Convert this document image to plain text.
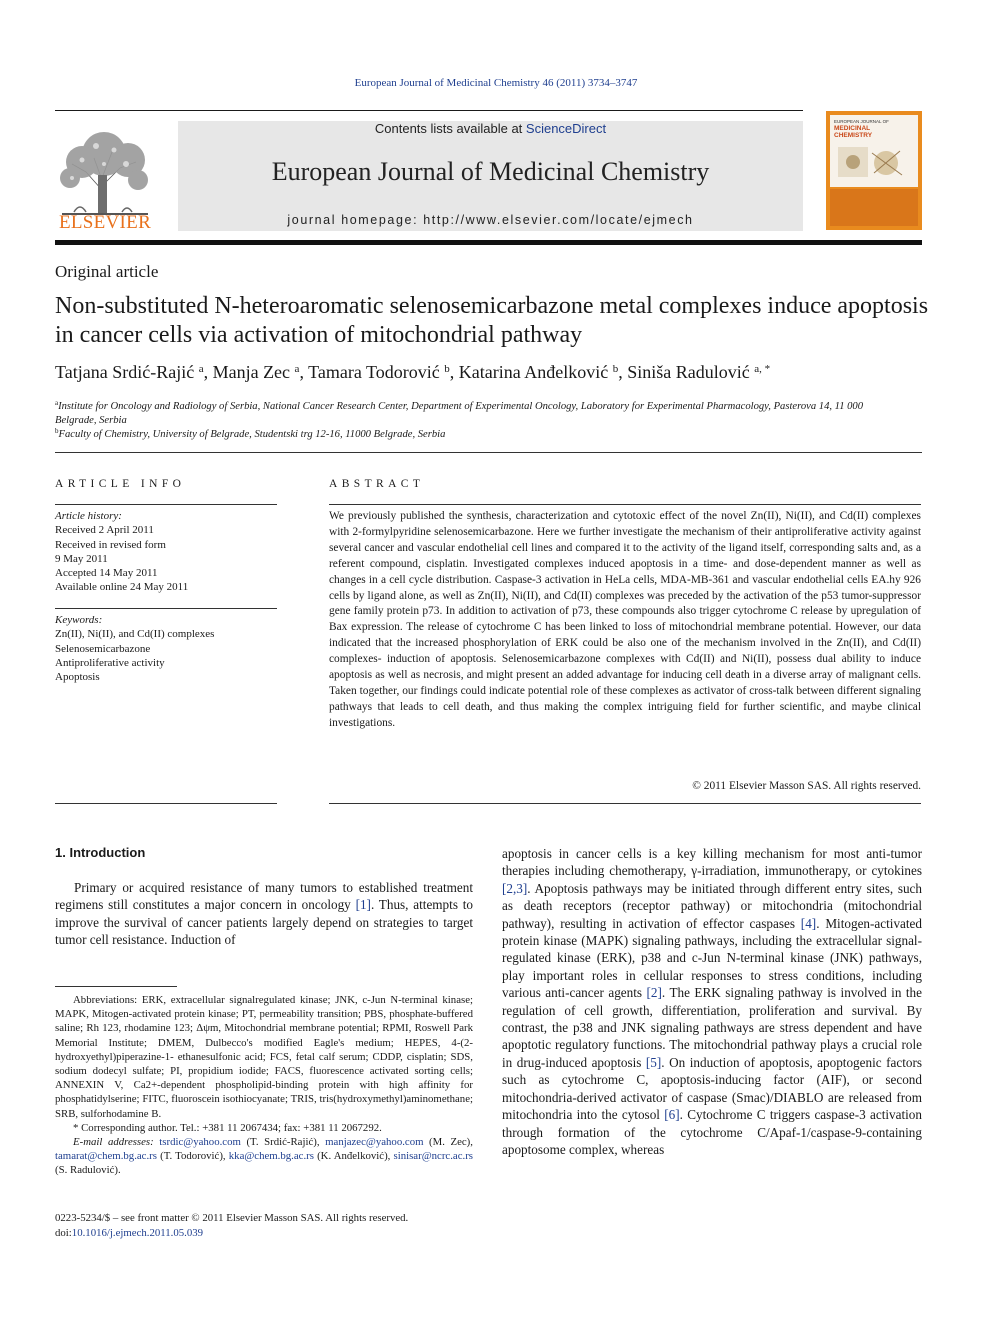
European Journal of Medicinal Chemistry 46 (2011) 3734–3747
ELSEVIER
Contents lists available at ScienceDirect
European Journal of Medicinal Chemistry
journal homepage: http://www.elsevier.com/locate/ejmech
EUROPEAN JOURNAL OF
MEDICINAL
CHEMISTRY
Original article
Non-substituted N-heteroaromatic selenosemicarbazone metal complexes induce apoptosis in cancer cells via activation of mitochondrial pathway
Tatjana Srdić-Rajić $^a$, Manja Zec $^a$, Tamara Todorović $^b$, Katarina Anđelković $^b$, Siniša Radulović $^{a, *}$
$^a$Institute for Oncology and Radiology of Serbia, National Cancer Research Center, Department of Experimental Oncology, Laboratory for Experimental Pharmacology, Pasterova 14, 11 000 Belgrade, Serbia
$^b$Faculty of Chemistry, University of Belgrade, Studentski trg 12-16, 11000 Belgrade, Serbia
ARTICLE INFO
Article history:
Received 2 April 2011
Received in revised form
9 May 2011
Accepted 14 May 2011
Available online 24 May 2011
Keywords:
Zn(II), Ni(II), and Cd(II) complexes
Selenosemicarbazone
Antiproliferative activity
Apoptosis
ABSTRACT
We previously published the synthesis, characterization and cytotoxic effect of the novel Zn(II), Ni(II), and Cd(II) complexes with 2-formylpyridine selenosemicarbazone. Here we further investigate the mechanism of their antiproliferative activity against several cancer and vascular endothelial cell lines and compared it to the activity of the ligand itself, corresponding salts and, as a referent compound, cisplatin. Investigated complexes induced apoptosis in a time- and dose-dependent manner as well as changes in a cell cycle distribution. Caspase-3 activation in HeLa cells, MDA-MB-361 and vascular endothelial cells EA.hy 926 cells by ligand alone, as well as Zn(II), Ni(II), and Cd(II) complexes was preceded by the activation of the p53 tumor-suppressor gene family protein p73. In addition to activation of p73, these compounds also trigger cytochrome C release by upregulation of Bax expression. The release of cytochrome C has been linked to loss of mitochondrial membrane potential. However, our data indicated that the increased phosphorylation of ERK could be also one of the mechanism involved in the Zn(II), and Cd(II) complexes- induction of apoptosis. Selenosemicarbazone complexes with Cd(II) and Ni(II), possess dual ability to induce apoptosis as well as necrosis, and might present an added advantage for inducing cell death in a diverse array of malignant cells. Taken together, our findings could indicate potential role of these complexes as activator of cross-talk between different signaling pathways that leads to cell death, and thus making the complex intriguing field for further scientific, and maybe clinical investigations.
© 2011 Elsevier Masson SAS. All rights reserved.
1. Introduction
Primary or acquired resistance of many tumors to established treatment regimens still constitutes a major concern in oncology [1]. Thus, attempts to improve the survival of cancer patients largely depend on strategies to target tumor cell resistance. Induction of
apoptosis in cancer cells is a key killing mechanism for most anti-tumor therapies including chemotherapy, γ-irradiation, immunotherapy, or cytokines [2,3]. Apoptosis pathways may be initiated through different entry sites, such as death receptors (receptor pathway) or mitochondria (mitochondrial pathway), resulting in activation of effector caspases [4]. Mitogen-activated protein kinase (MAPK) signaling pathways, including the extracellular signal-regulated kinase (ERK), p38 and c-Jun N-terminal kinase (JNK) pathways, play important roles in cellular responses to stress conditions, including various anti-cancer agents [2]. The ERK signaling pathway is involved in the regulation of cell growth, differentiation, proliferation and survival. By contrast, the p38 and JNK signaling pathways are stress dependent and have apoptotic regulatory functions. The mitochondrial pathway plays a crucial role in drug-induced apoptosis [5]. On induction of apoptosis, apoptogenic factors such as cytochrome C, apoptosis-inducing factor (AIF), or second mitochondria-derived activator of caspase (Smac)/DIABLO are released from mitochondria into the cytosol [6]. Cytochrome C triggers caspase-3 activation through formation of the cytochrome C/Apaf-1/caspase-9-containing apoptosome complex, whereas

Abbreviations: ERK, extracellular signalregulated kinase; JNK, c-Jun N-terminal kinase; MAPK, Mitogen-activated protein kinase; PT, permeability transition; PBS, phosphate-buffered saline; Rh 123, rhodamine 123; Δψm, Mitochondrial membrane potential; RPMI, Roswell Park Memorial Institute; DMEM, Dulbecco's modified Eagle's medium; HEPES, 4-(2-hydroxyethyl)piperazine-1- ethanesulfonic acid; FCS, fetal calf serum; CDDP, cisplatin; SDS, sodium dodecyl sulfate; PI, propidium iodide; FACS, fluorescence activated sorting cells; ANNEXIN V, Ca2+-dependent phospholipid-binding protein with high affinity for phosphatidylserine; FITC, fluoroscein isothiocyanate; TRIS, tris(hydroxymethyl)aminomethane; SRB, sulforhodamine B.

* Corresponding author. Tel.: +381 11 2067434; fax: +381 11 2067292.

E-mail addresses: tsrdic@yahoo.com (T. Srdić-Rajić), manjazec@yahoo.com (M. Zec), tamarat@chem.bg.ac.rs (T. Todorović), kka@chem.bg.ac.rs (K. Anđelković), sinisar@ncrc.ac.rs (S. Radulović).

0223-5234/$ – see front matter © 2011 Elsevier Masson SAS. All rights reserved.
doi:10.1016/j.ejmech.2011.05.039
